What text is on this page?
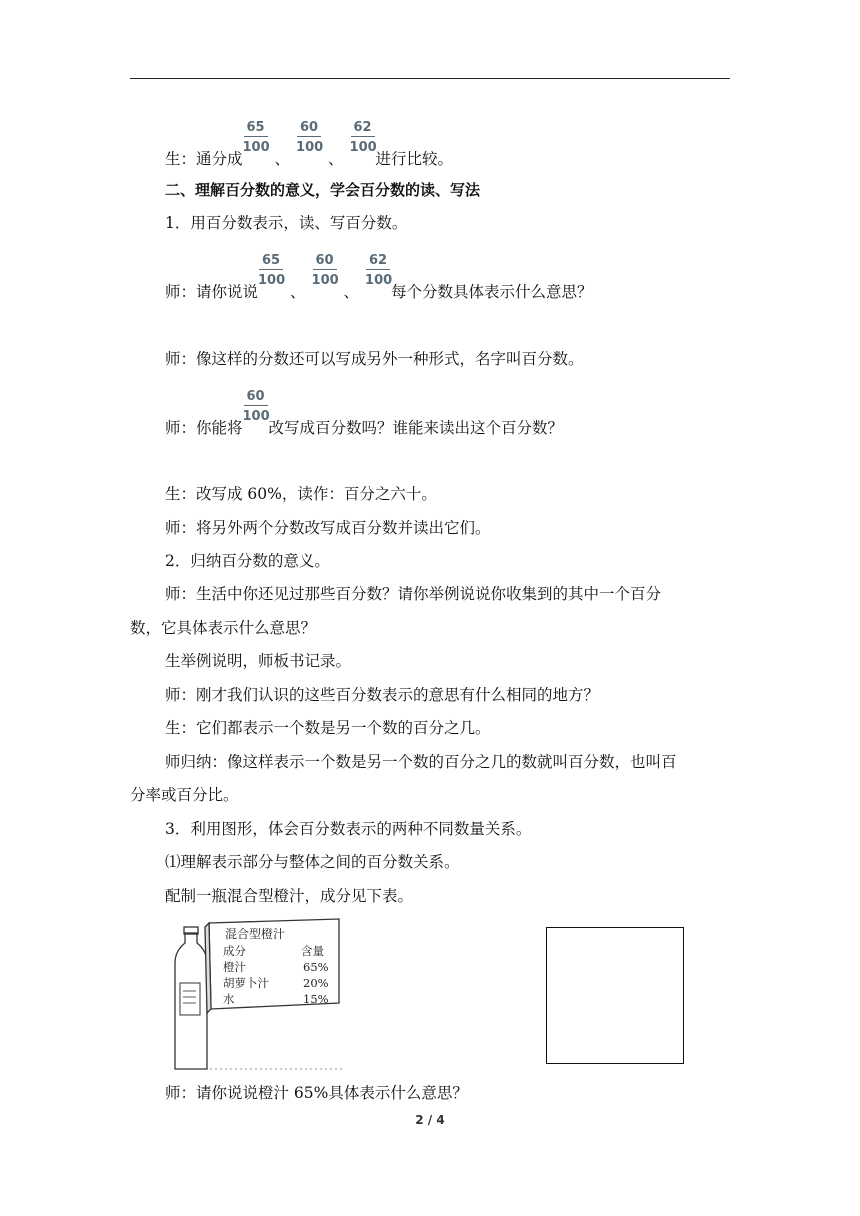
生：通分成 $\frac{65}{100}$ 、 $\frac{60}{100}$ 、 $\frac{62}{100}$ 进行比较。
二、理解百分数的意义，学会百分数的读、写法
1．用百分数表示，读、写百分数。
师：请你说说 $\frac{65}{100}$ 、 $\frac{60}{100}$ 、 $\frac{62}{100}$ 每个分数具体表示什么意思？
师：像这样的分数还可以写成另外一种形式，名字叫百分数。
师：你能将 $\frac{60}{100}$ 改写成百分数吗？谁能来读出这个百分数？
生：改写成 60%，读作：百分之六十。
师：将另外两个分数改写成百分数并读出它们。
2．归纳百分数的意义。
师：生活中你还见过那些百分数？请你举例说说你收集到的其中一个百分
数，它具体表示什么意思？
生举例说明，师板书记录。
师：刚才我们认识的这些百分数表示的意思有什么相同的地方？
生：它们都表示一个数是另一个数的百分之几。
师归纳：像这样表示一个数是另一个数的百分之几的数就叫百分数，也叫百
分率或百分比。
3．利用图形，体会百分数表示的两种不同数量关系。
⑴理解表示部分与整体之间的百分数关系。
配制一瓶混合型橙汁，成分见下表。
混合型橙汁
成分	含量
橙汁	65%
胡萝卜汁	20%
水	15%
师：请你说说橙汁 65%具体表示什么意思？
2 / 4
